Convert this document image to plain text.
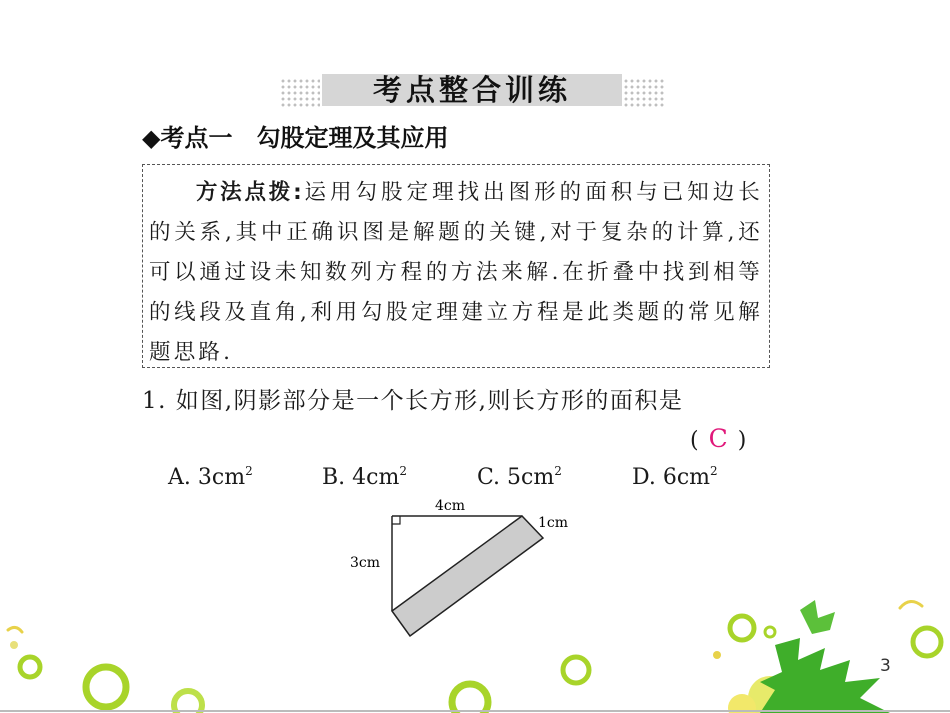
考点整合训练
◆考点一 勾股定理及其应用
方法点拨:运用勾股定理找出图形的面积与已知边长的关系,其中正确识图是解题的关键,对于复杂的计算,还可以通过设未知数列方程的方法来解.在折叠中找到相等的线段及直角,利用勾股定理建立方程是此类题的常见解题思路.
1. 如图,阴影部分是一个长方形,则长方形的面积是
( C )
A. $3cm^2$	B. $4cm^2$	C. $5cm^2$	D. $6cm^2$
4cm
3cm
1cm
3
